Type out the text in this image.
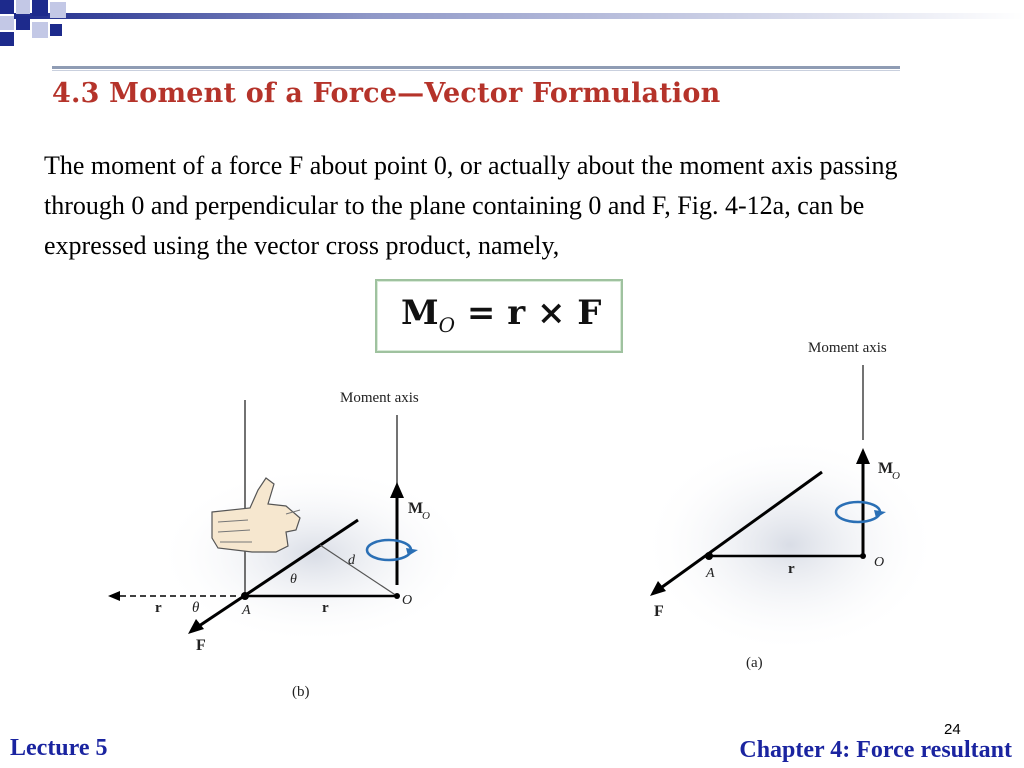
4.3 Moment of a Force—Vector Formulation
The moment of a force F about point 0, or actually about the moment axis passing through 0 and perpendicular to the plane containing 0 and F, Fig. 4-12a, can be expressed using the vector cross product, namely,
$M_O = r \times F$
Moment axis
M
O
r θ	r
F
d
θ
A
O
(b)
Moment axis
M
O
r
F
A
O
(a)
24
Lecture 5	Chapter 4: Force resultant
